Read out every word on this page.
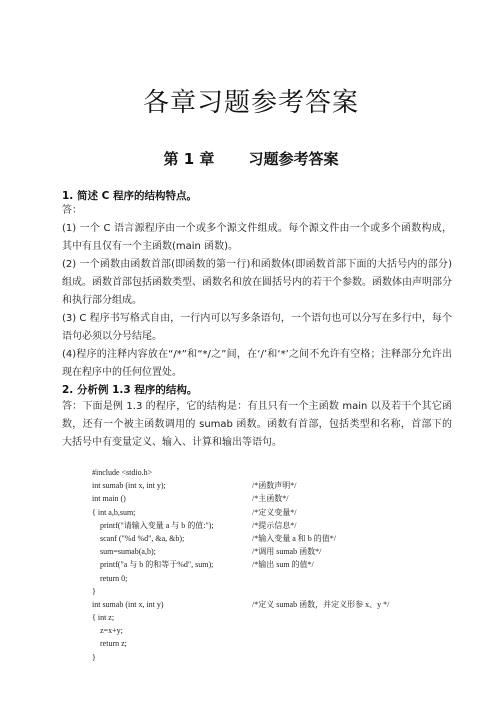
各章习题参考答案
第 1 章 习题参考答案
1. 简述 C 程序的结构特点。
答：
(1) 一个 C 语言源程序由一个或多个源文件组成。每个源文件由一个或多个函数构成，其中有且仅有一个主函数(main 函数)。
(2) 一个函数由函数首部(即函数的第一行)和函数体(即函数首部下面的大括号内的部分)组成。函数首部包括函数类型、函数名和放在圆括号内的若干个参数。函数体由声明部分和执行部分组成。
(3) C 程序书写格式自由，一行内可以写多条语句，一个语句也可以分写在多行中，每个语句必须以分号结尾。
(4)程序的注释内容放在“/*”和“*/之”间，在‘/’和‘*’之间不允许有空格；注释部分允许出现在程序中的任何位置处。
2. 分析例 1.3 程序的结构。
答：下面是例 1.3 的程序，它的结构是：有且只有一个主函数 main 以及若干个其它函数，还有一个被主函数调用的 sumab 函数。函数有首部，包括类型和名称，首部下的大括号中有变量定义、输入、计算和输出等语句。
#include <stdio.h>
int sumab (int x, int y);	/*函数声明*/
int main ()	/*主函数*/
{ int a,b,sum;	/*定义变量*/
printf("请输入变量 a 与 b 的值:");	/*提示信息*/
scanf ("%d %d", &a, &b);	/*输入变量 a 和 b 的值*/
sum=sumab(a,b);	/*调用 sumab 函数*/
printf("a 与 b 的和等于%d", sum);	/*输出 sum 的值*/
return 0;
}
int sumab (int x, int y)	/*定义 sumab 函数，并定义形参 x、y */
{ int z;
z=x+y;
return z;
}
